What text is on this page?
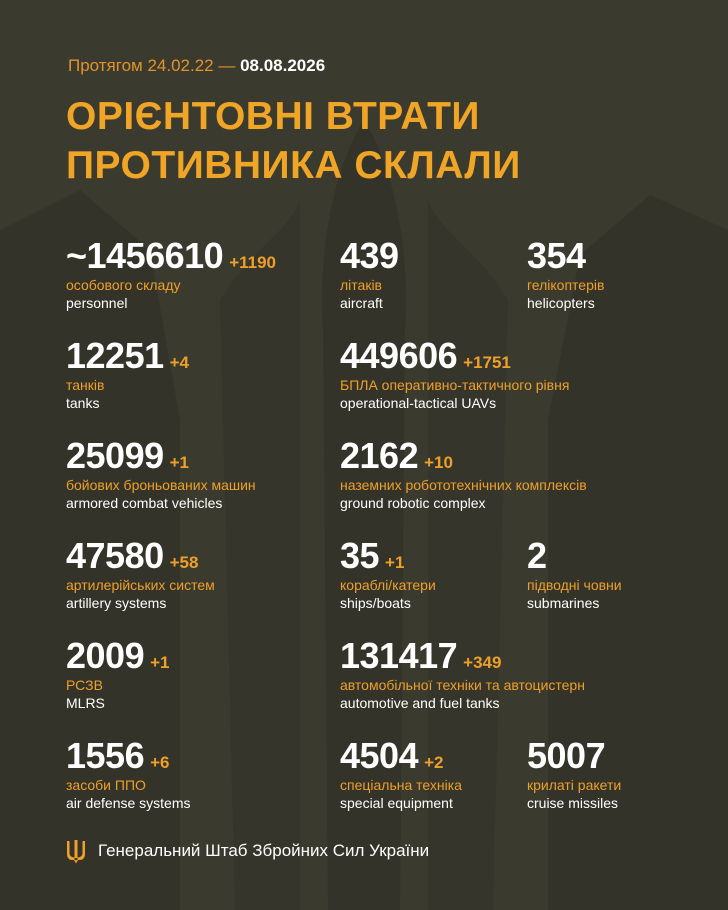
Протягом 24.02.22 — 08.08.2026
ОРІЄНТОВНІ ВТРАТИ
ПРОТИВНИКА СКЛАЛИ
~1456610 +1190
особового складу
personnel
439
літаків
aircraft
354
гелікоптерів
helicopters
12251 +4
танків
tanks
449606 +1751
БПЛА оперативно-тактичного рівня
operational-tactical UAVs
25099 +1
бойових броньованих машин
armored combat vehicles
2162 +10
наземних робототехнічних комплексів
ground robotic complex
47580 +58
артилерійських систем
artillery systems
35 +1
кораблі/катери
ships/boats
2
підводні човни
submarines
2009 +1
РСЗВ
MLRS
131417 +349
автомобільної техніки та автоцистерн
automotive and fuel tanks
1556 +6
засоби ППО
air defense systems
4504 +2
спеціальна техніка
special equipment
5007
крилаті ракети
cruise missiles
Генеральний Штаб Збройних Сил України
